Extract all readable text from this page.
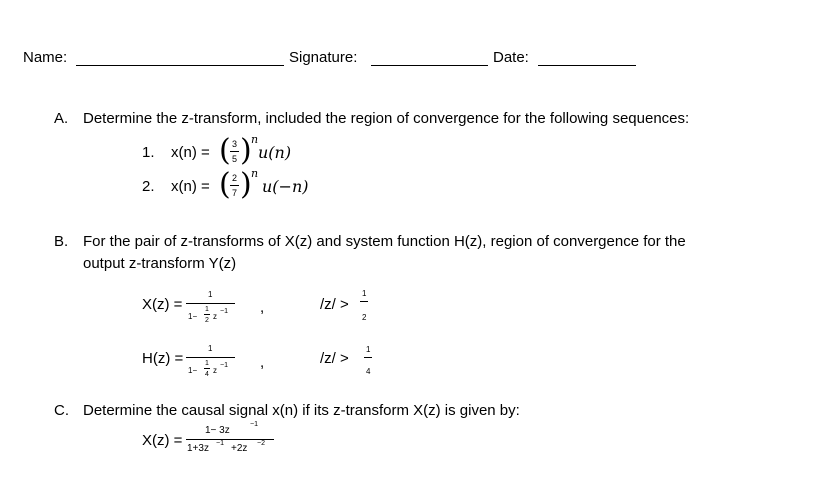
Name:	Signature:	Date:
A. Determine the z-transform, included the region of convergence for the following sequences:
1. x(n) = ( 3
5 ) n
u(n)
2. x(n) = ( 2
7 ) n
u(−n)
B. For the pair of z-transforms of X(z) and system function H(z), region of convergence for the
output z-transform Y(z)
X(z) =
1
1−
1
2 z
−1 ,	/z/ >
1
2
H(z) =
1
1−
1
4 z
−1 ,	/z/ >
1
4
C. Determine the causal signal x(n) if its z-transform X(z) is given by:
X(z) =
1− 3z
−1
1+3z −1 +2z −2
